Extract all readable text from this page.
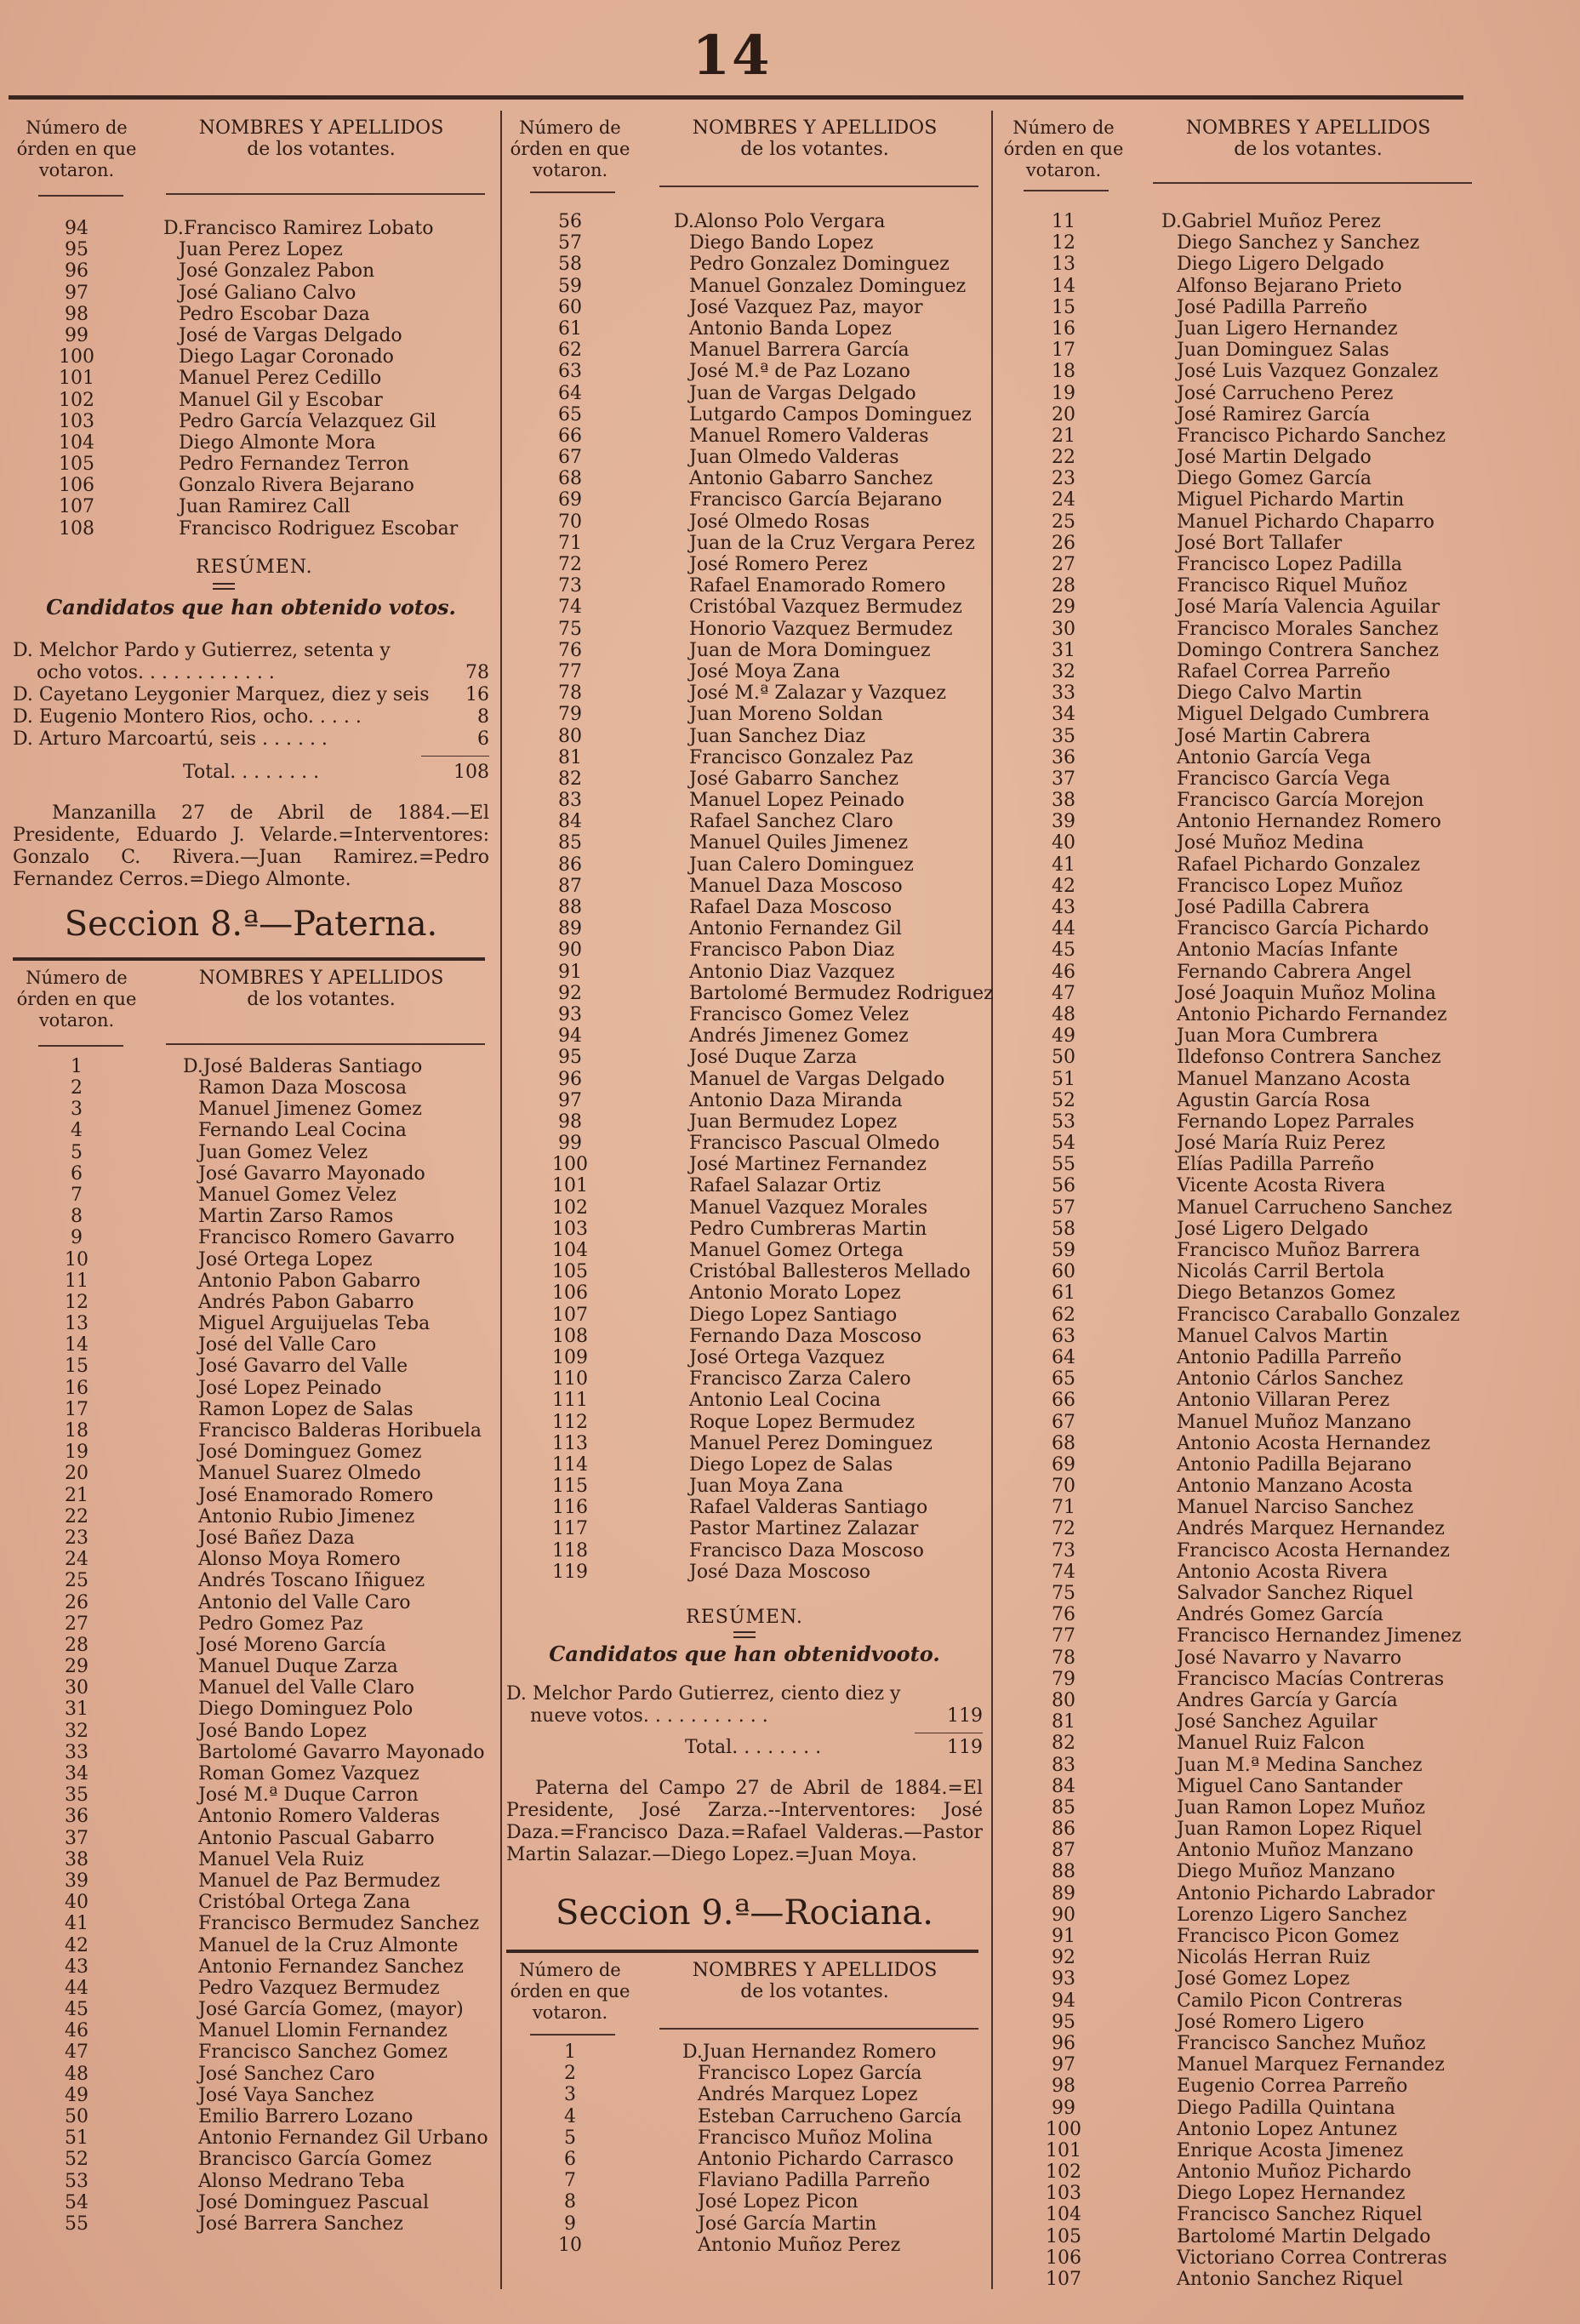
14
Número de
órden en que
votaron.
NOMBRES Y APELLIDOS
de los votantes.
94	D.Francisco Ramirez Lobato
95	Juan Perez Lopez
96	José Gonzalez Pabon
97	José Galiano Calvo
98	Pedro Escobar Daza
99	José de Vargas Delgado
100	Diego Lagar Coronado
101	Manuel Perez Cedillo
102	Manuel Gil y Escobar
103	Pedro García Velazquez Gil
104	Diego Almonte Mora
105	Pedro Fernandez Terron
106	Gonzalo Rivera Bejarano
107	Juan Ramirez Call
108	Francisco Rodriguez Escobar
RESÚMEN.
Candidatos que han obtenido votos.
D. Melchor Pardo y Gutierrez, setenta y
ocho votos. . . . . . . . . . . .	78
D. Cayetano Leygonier Marquez, diez y seis 16
D. Eugenio Montero Rios, ocho. . . . .	8
D. Arturo Marcoartú, seis . . . . . .	6
Total. . . . . . . .	108
Manzanilla 27 de Abril de 1884.—El Presidente, Eduardo J. Velarde.=Interventores: Gonzalo C. Rivera.—Juan Ramirez.=Pedro Fernandez Cerros.=Diego Almonte.
Seccion 8.ª—Paterna.
Número de
órden en que
votaron.
NOMBRES Y APELLIDOS
de los votantes.
1	D.José Balderas Santiago
2	Ramon Daza Moscosa
3	Manuel Jimenez Gomez
4	Fernando Leal Cocina
5	Juan Gomez Velez
6	José Gavarro Mayonado
7	Manuel Gomez Velez
8	Martin Zarso Ramos
9	Francisco Romero Gavarro
10	José Ortega Lopez
11	Antonio Pabon Gabarro
12	Andrés Pabon Gabarro
13	Miguel Arguijuelas Teba
14	José del Valle Caro
15	José Gavarro del Valle
16	José Lopez Peinado
17	Ramon Lopez de Salas
18	Francisco Balderas Horibuela
19	José Dominguez Gomez
20	Manuel Suarez Olmedo
21	José Enamorado Romero
22	Antonio Rubio Jimenez
23	José Bañez Daza
24	Alonso Moya Romero
25	Andrés Toscano Iñiguez
26	Antonio del Valle Caro
27	Pedro Gomez Paz
28	José Moreno García
29	Manuel Duque Zarza
30	Manuel del Valle Claro
31	Diego Dominguez Polo
32	José Bando Lopez
33	Bartolomé Gavarro Mayonado
34	Roman Gomez Vazquez
35	José M.ª Duque Carron
36	Antonio Romero Valderas
37	Antonio Pascual Gabarro
38	Manuel Vela Ruiz
39	Manuel de Paz Bermudez
40	Cristóbal Ortega Zana
41	Francisco Bermudez Sanchez
42	Manuel de la Cruz Almonte
43	Antonio Fernandez Sanchez
44	Pedro Vazquez Bermudez
45	José García Gomez, (mayor)
46	Manuel Llomin Fernandez
47	Francisco Sanchez Gomez
48	José Sanchez Caro
49	José Vaya Sanchez
50	Emilio Barrero Lozano
51	Antonio Fernandez Gil Urbano
52	Brancisco García Gomez
53	Alonso Medrano Teba
54	José Dominguez Pascual
55	José Barrera Sanchez
Número de
órden en que
votaron.
NOMBRES Y APELLIDOS
de los votantes.
56	D.Alonso Polo Vergara
57	Diego Bando Lopez
58	Pedro Gonzalez Dominguez
59	Manuel Gonzalez Dominguez
60	José Vazquez Paz, mayor
61	Antonio Banda Lopez
62	Manuel Barrera García
63	José M.ª de Paz Lozano
64	Juan de Vargas Delgado
65	Lutgardo Campos Dominguez
66	Manuel Romero Valderas
67	Juan Olmedo Valderas
68	Antonio Gabarro Sanchez
69	Francisco García Bejarano
70	José Olmedo Rosas
71	Juan de la Cruz Vergara Perez
72	José Romero Perez
73	Rafael Enamorado Romero
74	Cristóbal Vazquez Bermudez
75	Honorio Vazquez Bermudez
76	Juan de Mora Dominguez
77	José Moya Zana
78	José M.ª Zalazar y Vazquez
79	Juan Moreno Soldan
80	Juan Sanchez Diaz
81	Francisco Gonzalez Paz
82	José Gabarro Sanchez
83	Manuel Lopez Peinado
84	Rafael Sanchez Claro
85	Manuel Quiles Jimenez
86	Juan Calero Dominguez
87	Manuel Daza Moscoso
88	Rafael Daza Moscoso
89	Antonio Fernandez Gil
90	Francisco Pabon Diaz
91	Antonio Diaz Vazquez
92	Bartolomé Bermudez Rodriguez
93	Francisco Gomez Velez
94	Andrés Jimenez Gomez
95	José Duque Zarza
96	Manuel de Vargas Delgado
97	Antonio Daza Miranda
98	Juan Bermudez Lopez
99	Francisco Pascual Olmedo
100	José Martinez Fernandez
101	Rafael Salazar Ortiz
102	Manuel Vazquez Morales
103	Pedro Cumbreras Martin
104	Manuel Gomez Ortega
105	Cristóbal Ballesteros Mellado
106	Antonio Morato Lopez
107	Diego Lopez Santiago
108	Fernando Daza Moscoso
109	José Ortega Vazquez
110	Francisco Zarza Calero
111	Antonio Leal Cocina
112	Roque Lopez Bermudez
113	Manuel Perez Dominguez
114	Diego Lopez de Salas
115	Juan Moya Zana
116	Rafael Valderas Santiago
117	Pastor Martinez Zalazar
118	Francisco Daza Moscoso
119	José Daza Moscoso
RESÚMEN.
Candidatos que han obtenidvooto.
D. Melchor Pardo Gutierrez, ciento diez y
nueve votos. . . . . . . . . . .	119
Total. . . . . . . .	119
Paterna del Campo 27 de Abril de 1884.=El Presidente, José Zarza.--Interventores: José Daza.=Francisco Daza.=Rafael Valderas.—Pastor Martin Salazar.—Diego Lopez.=Juan Moya.
Seccion 9.ª—Rociana.
Número de
órden en que
votaron.
NOMBRES Y APELLIDOS
de los votantes.
1	D.Juan Hernandez Romero
2	Francisco Lopez García
3	Andrés Marquez Lopez
4	Esteban Carrucheno García
5	Francisco Muñoz Molina
6	Antonio Pichardo Carrasco
7	Flaviano Padilla Parreño
8	José Lopez Picon
9	José García Martin
10	Antonio Muñoz Perez
Número de
órden en que
votaron.
NOMBRES Y APELLIDOS
de los votantes.
11	D.Gabriel Muñoz Perez
12	Diego Sanchez y Sanchez
13	Diego Ligero Delgado
14	Alfonso Bejarano Prieto
15	José Padilla Parreño
16	Juan Ligero Hernandez
17	Juan Dominguez Salas
18	José Luis Vazquez Gonzalez
19	José Carrucheno Perez
20	José Ramirez García
21	Francisco Pichardo Sanchez
22	José Martin Delgado
23	Diego Gomez García
24	Miguel Pichardo Martin
25	Manuel Pichardo Chaparro
26	José Bort Tallafer
27	Francisco Lopez Padilla
28	Francisco Riquel Muñoz
29	José María Valencia Aguilar
30	Francisco Morales Sanchez
31	Domingo Contrera Sanchez
32	Rafael Correa Parreño
33	Diego Calvo Martin
34	Miguel Delgado Cumbrera
35	José Martin Cabrera
36	Antonio García Vega
37	Francisco García Vega
38	Francisco García Morejon
39	Antonio Hernandez Romero
40	José Muñoz Medina
41	Rafael Pichardo Gonzalez
42	Francisco Lopez Muñoz
43	José Padilla Cabrera
44	Francisco García Pichardo
45	Antonio Macías Infante
46	Fernando Cabrera Angel
47	José Joaquin Muñoz Molina
48	Antonio Pichardo Fernandez
49	Juan Mora Cumbrera
50	Ildefonso Contrera Sanchez
51	Manuel Manzano Acosta
52	Agustin García Rosa
53	Fernando Lopez Parrales
54	José María Ruiz Perez
55	Elías Padilla Parreño
56	Vicente Acosta Rivera
57	Manuel Carrucheno Sanchez
58	José Ligero Delgado
59	Francisco Muñoz Barrera
60	Nicolás Carril Bertola
61	Diego Betanzos Gomez
62	Francisco Caraballo Gonzalez
63	Manuel Calvos Martin
64	Antonio Padilla Parreño
65	Antonio Cárlos Sanchez
66	Antonio Villaran Perez
67	Manuel Muñoz Manzano
68	Antonio Acosta Hernandez
69	Antonio Padilla Bejarano
70	Antonio Manzano Acosta
71	Manuel Narciso Sanchez
72	Andrés Marquez Hernandez
73	Francisco Acosta Hernandez
74	Antonio Acosta Rivera
75	Salvador Sanchez Riquel
76	Andrés Gomez García
77	Francisco Hernandez Jimenez
78	José Navarro y Navarro
79	Francisco Macías Contreras
80	Andres García y García
81	José Sanchez Aguilar
82	Manuel Ruiz Falcon
83	Juan M.ª Medina Sanchez
84	Miguel Cano Santander
85	Juan Ramon Lopez Muñoz
86	Juan Ramon Lopez Riquel
87	Antonio Muñoz Manzano
88	Diego Muñoz Manzano
89	Antonio Pichardo Labrador
90	Lorenzo Ligero Sanchez
91	Francisco Picon Gomez
92	Nicolás Herran Ruiz
93	José Gomez Lopez
94	Camilo Picon Contreras
95	José Romero Ligero
96	Francisco Sanchez Muñoz
97	Manuel Marquez Fernandez
98	Eugenio Correa Parreño
99	Diego Padilla Quintana
100	Antonio Lopez Antunez
101	Enrique Acosta Jimenez
102	Antonio Muñoz Pichardo
103	Diego Lopez Hernandez
104	Francisco Sanchez Riquel
105	Bartolomé Martin Delgado
106	Victoriano Correa Contreras
107	Antonio Sanchez Riquel
